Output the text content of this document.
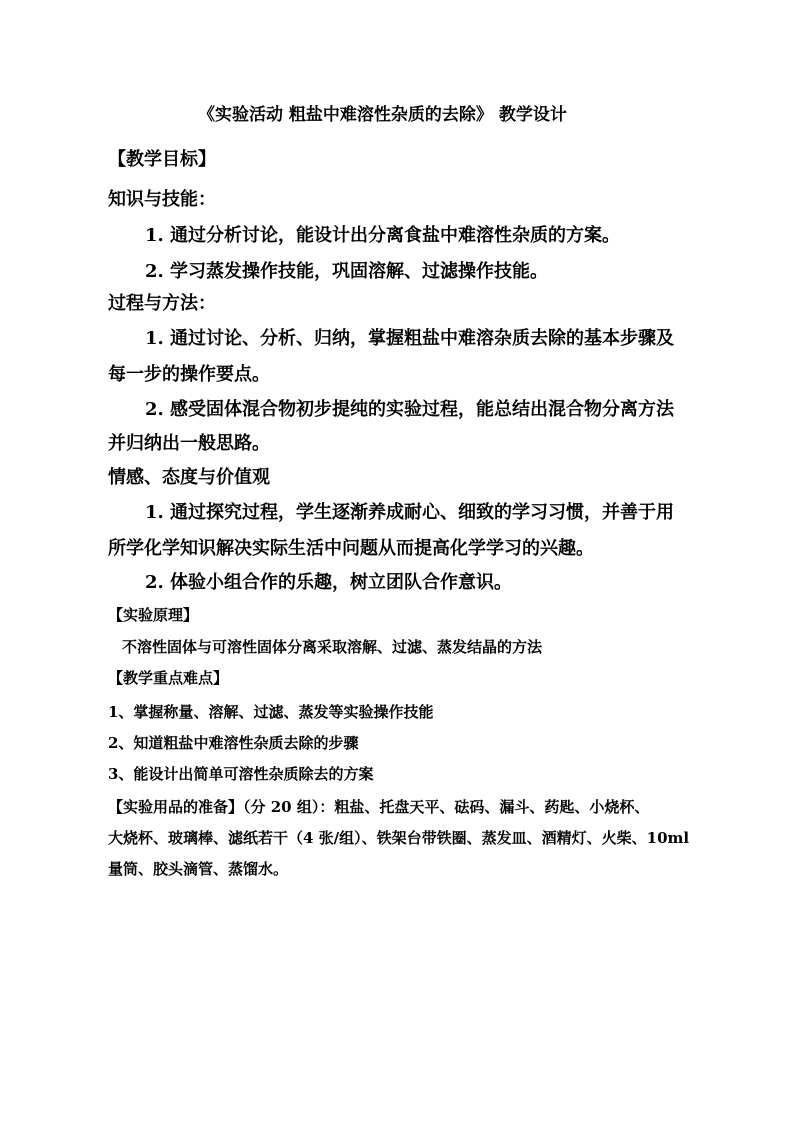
《实验活动 粗盐中难溶性杂质的去除》 教学设计
【教学目标】
知识与技能：
1. 通过分析讨论，能设计出分离食盐中难溶性杂质的方案。
2. 学习蒸发操作技能，巩固溶解、过滤操作技能。
过程与方法：
1. 通过讨论、分析、归纳，掌握粗盐中难溶杂质去除的基本步骤及
每一步的操作要点。
2. 感受固体混合物初步提纯的实验过程，能总结出混合物分离方法
并归纳出一般思路。
情感、态度与价值观
1. 通过探究过程，学生逐渐养成耐心、细致的学习习惯，并善于用
所学化学知识解决实际生活中问题从而提高化学学习的兴趣。
2. 体验小组合作的乐趣，树立团队合作意识。
【实验原理】
不溶性固体与可溶性固体分离采取溶解、过滤、蒸发结晶的方法
【教学重点难点】
1、掌握称量、溶解、过滤、蒸发等实验操作技能
2、知道粗盐中难溶性杂质去除的步骤
3、能设计出简单可溶性杂质除去的方案
【实验用品的准备】（分 20 组）：粗盐、托盘天平、砝码、漏斗、药匙、小烧杯、
大烧杯、玻璃棒、滤纸若干（4 张/组）、铁架台带铁圈、蒸发皿、酒精灯、火柴、10ml
量筒、胶头滴管、蒸馏水。
